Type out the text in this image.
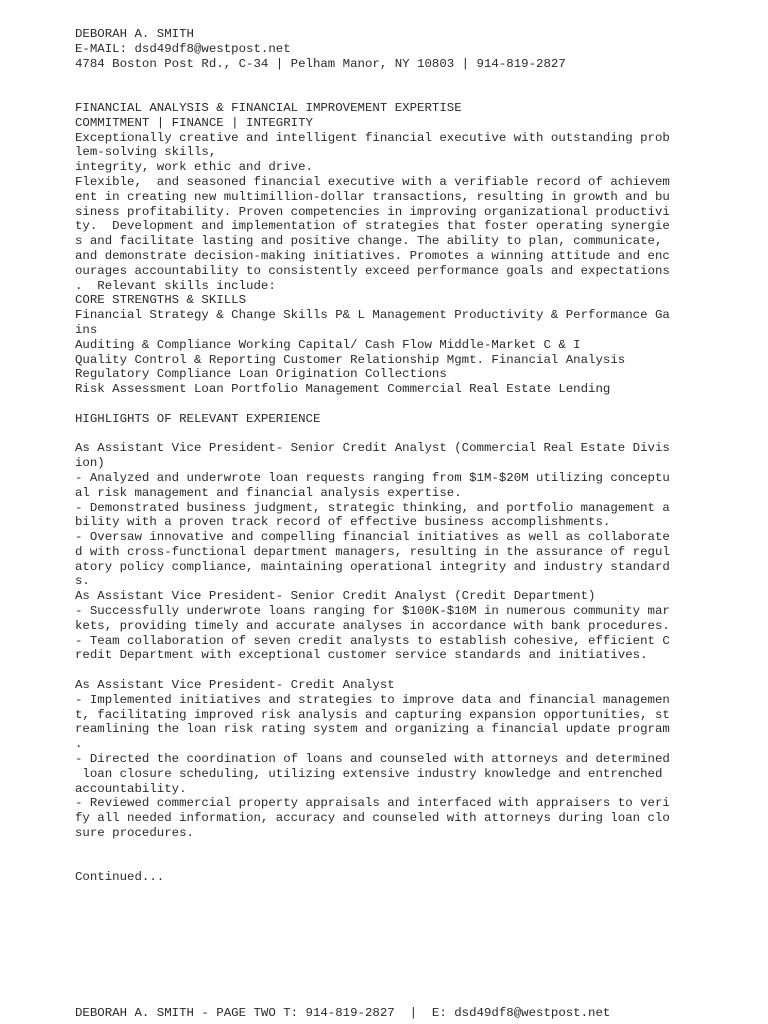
DEBORAH A. SMITH
E-MAIL: dsd49df8@westpost.net
4784 Boston Post Rd., C-34 | Pelham Manor, NY 10803 | 914-819-2827
FINANCIAL ANALYSIS & FINANCIAL IMPROVEMENT EXPERTISE
COMMITMENT | FINANCE | INTEGRITY
Exceptionally creative and intelligent financial executive with outstanding prob
lem-solving skills,
integrity, work ethic and drive.
Flexible,  and seasoned financial executive with a verifiable record of achievem
ent in creating new multimillion-dollar transactions, resulting in growth and bu
siness profitability. Proven competencies in improving organizational productivi
ty.  Development and implementation of strategies that foster operating synergie
s and facilitate lasting and positive change. The ability to plan, communicate,
and demonstrate decision-making initiatives. Promotes a winning attitude and enc
ourages accountability to consistently exceed performance goals and expectations
.  Relevant skills include:
CORE STRENGTHS & SKILLS
Financial Strategy & Change Skills P& L Management Productivity & Performance Ga
ins
Auditing & Compliance Working Capital/ Cash Flow Middle-Market C & I
Quality Control & Reporting Customer Relationship Mgmt. Financial Analysis
Regulatory Compliance Loan Origination Collections
Risk Assessment Loan Portfolio Management Commercial Real Estate Lending
HIGHLIGHTS OF RELEVANT EXPERIENCE
As Assistant Vice President- Senior Credit Analyst (Commercial Real Estate Divis
ion)
- Analyzed and underwrote loan requests ranging from $1M-$20M utilizing conceptu
al risk management and financial analysis expertise.
- Demonstrated business judgment, strategic thinking, and portfolio management a
bility with a proven track record of effective business accomplishments.
- Oversaw innovative and compelling financial initiatives as well as collaborate
d with cross-functional department managers, resulting in the assurance of regul
atory policy compliance, maintaining operational integrity and industry standard
s.
As Assistant Vice President- Senior Credit Analyst (Credit Department)
- Successfully underwrote loans ranging for $100K-$10M in numerous community mar
kets, providing timely and accurate analyses in accordance with bank procedures.
- Team collaboration of seven credit analysts to establish cohesive, efficient C
redit Department with exceptional customer service standards and initiatives.
As Assistant Vice President- Credit Analyst
- Implemented initiatives and strategies to improve data and financial managemen
t, facilitating improved risk analysis and capturing expansion opportunities, st
reamlining the loan risk rating system and organizing a financial update program
.
- Directed the coordination of loans and counseled with attorneys and determined
loan closure scheduling, utilizing extensive industry knowledge and entrenched
accountability.
- Reviewed commercial property appraisals and interfaced with appraisers to veri
fy all needed information, accuracy and counseled with attorneys during loan clo
sure procedures.
Continued...
DEBORAH A. SMITH - PAGE TWO T: 914-819-2827  |  E: dsd49df8@westpost.net
